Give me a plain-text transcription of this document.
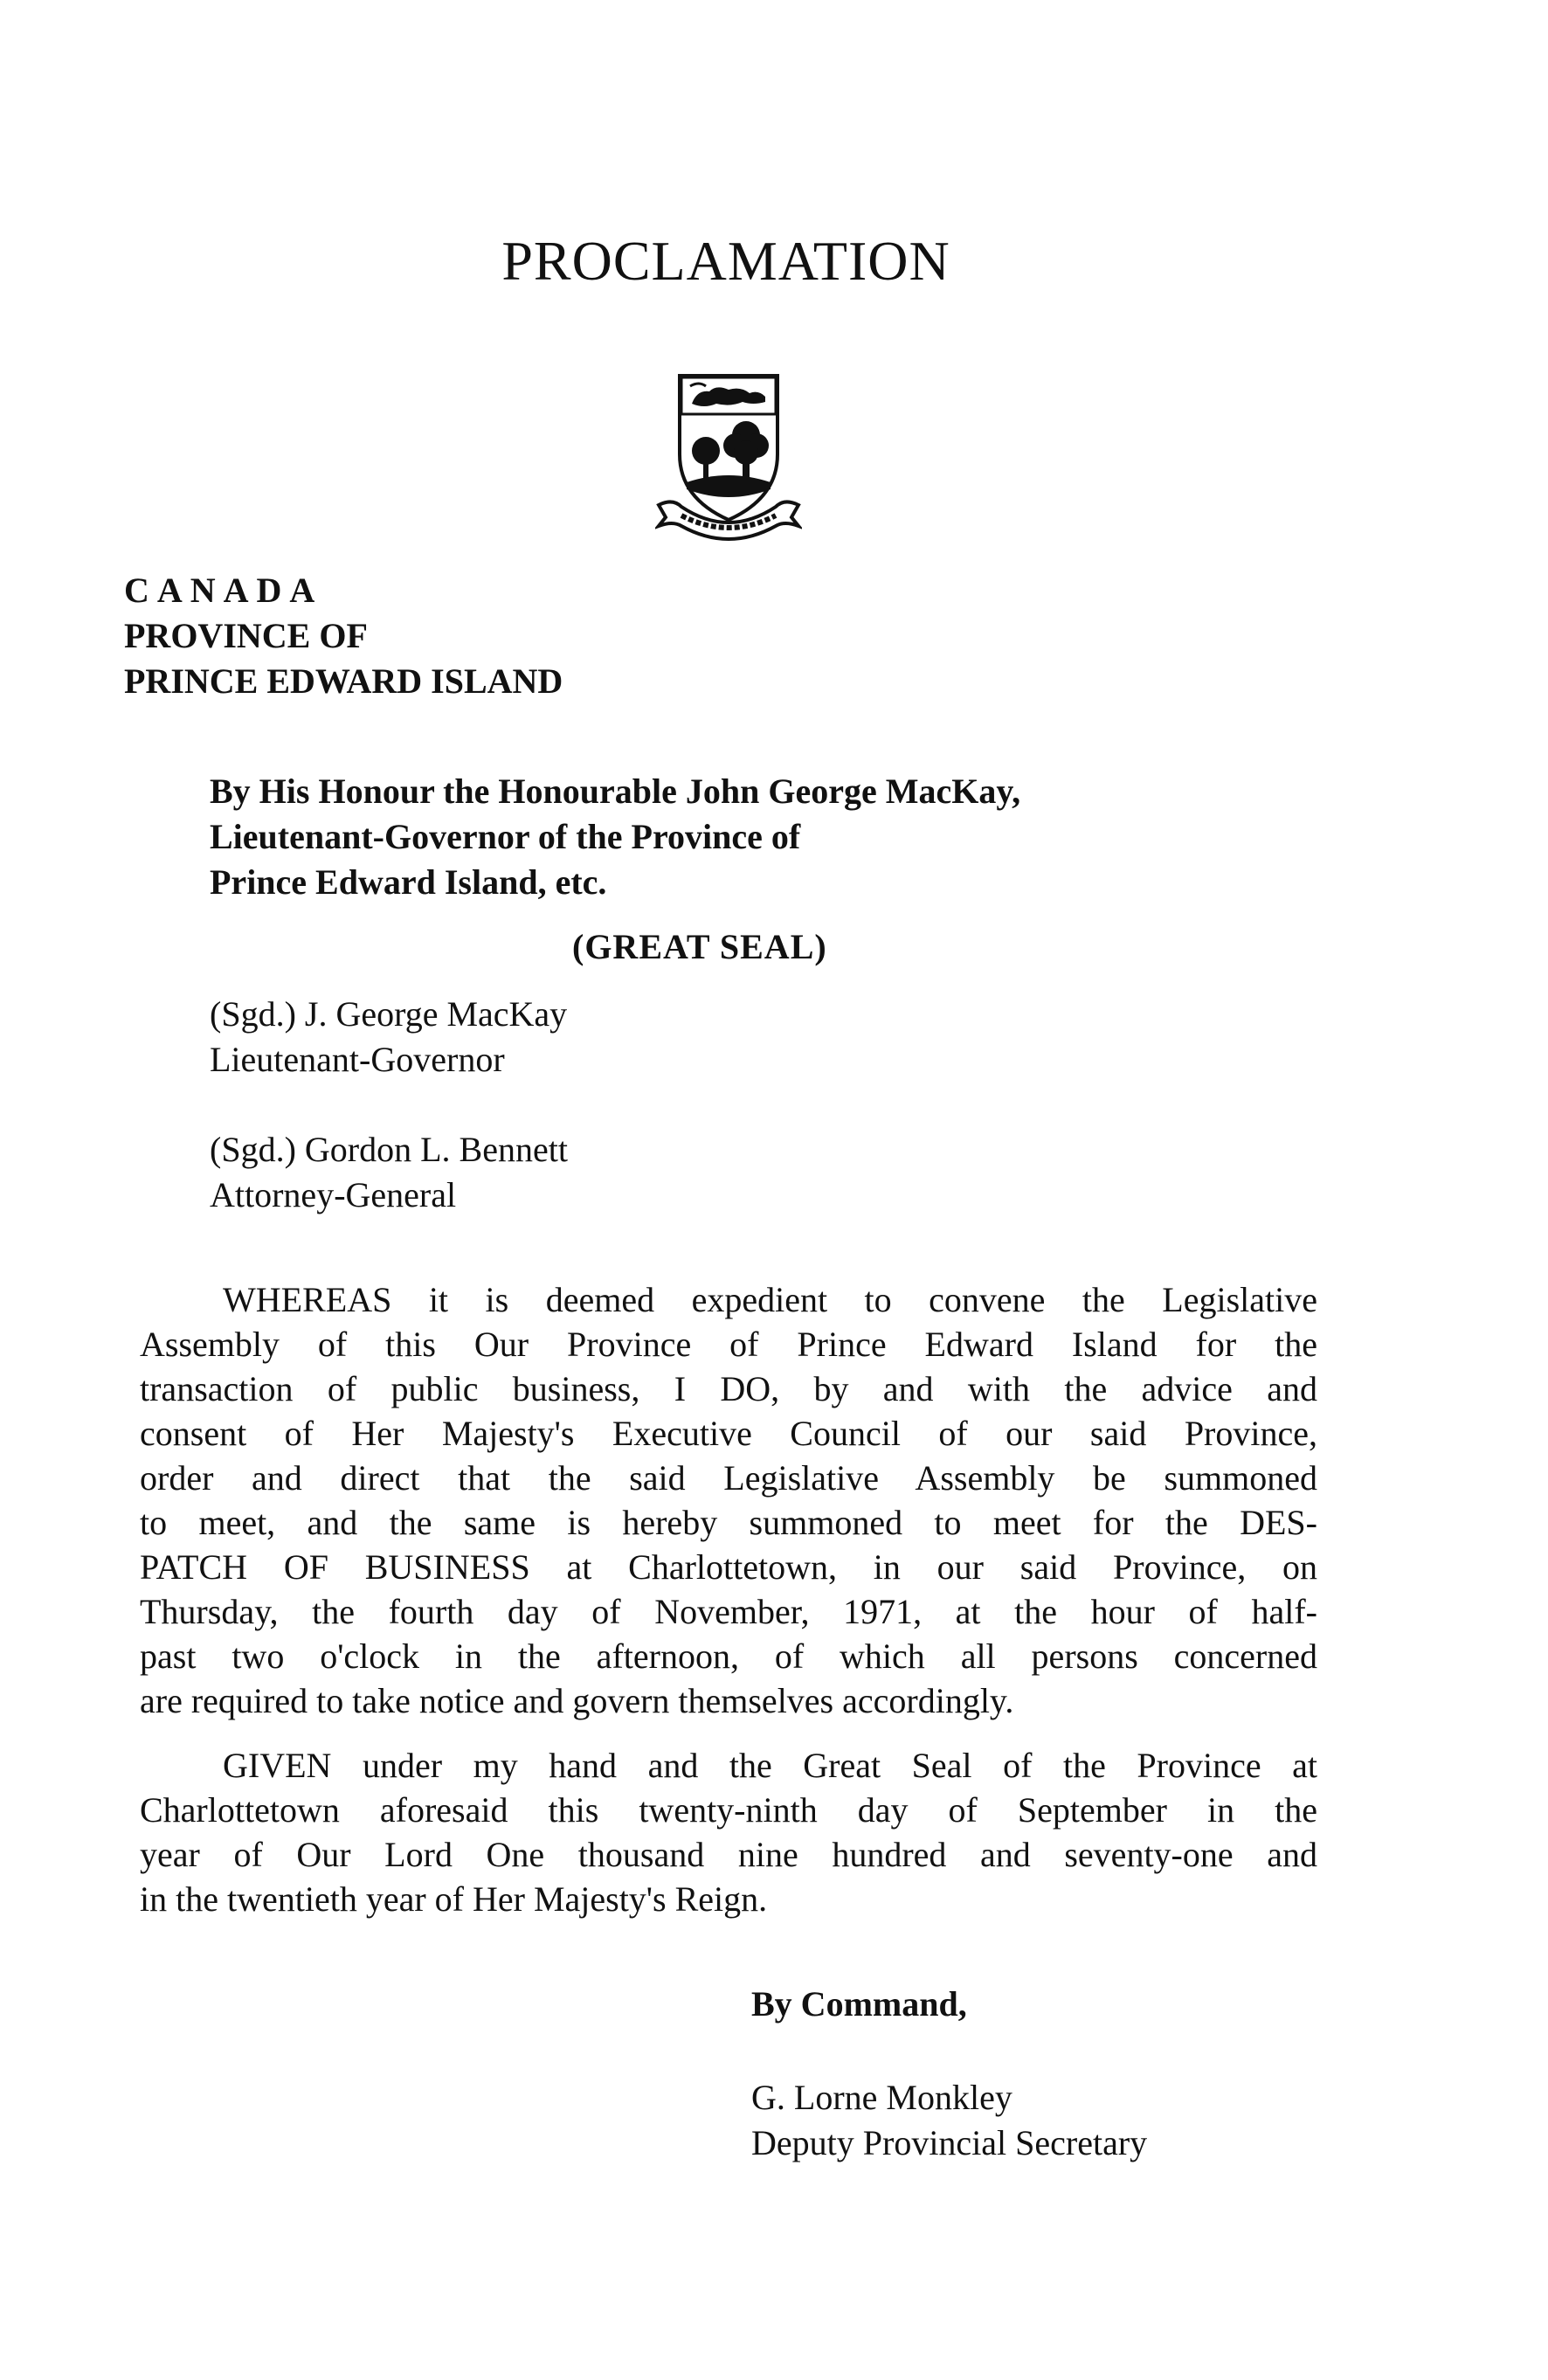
PROCLAMATION
CANADA
PROVINCE OF
PRINCE EDWARD ISLAND
By His Honour the Honourable John George MacKay,
Lieutenant-Governor of the Province of
Prince Edward Island, etc.
(GREAT SEAL)
(Sgd.) J. George MacKay
Lieutenant-Governor
(Sgd.) Gordon L. Bennett
Attorney-General
WHEREAS it is deemed expedient to convene the Legislative
Assembly of this Our Province of Prince Edward Island for the
transaction of public business, I DO, by and with the advice and
consent of Her Majesty's Executive Council of our said Province,
order and direct that the said Legislative Assembly be summoned
to meet, and the same is hereby summoned to meet for the DES-
PATCH OF BUSINESS at Charlottetown, in our said Province, on
Thursday, the fourth day of November, 1971, at the hour of half-
past two o'clock in the afternoon, of which all persons concerned
are required to take notice and govern themselves accordingly.
GIVEN under my hand and the Great Seal of the Province at
Charlottetown aforesaid this twenty-ninth day of September in the
year of Our Lord One thousand nine hundred and seventy-one and
in the twentieth year of Her Majesty's Reign.
By Command,
G. Lorne Monkley
Deputy Provincial Secretary
